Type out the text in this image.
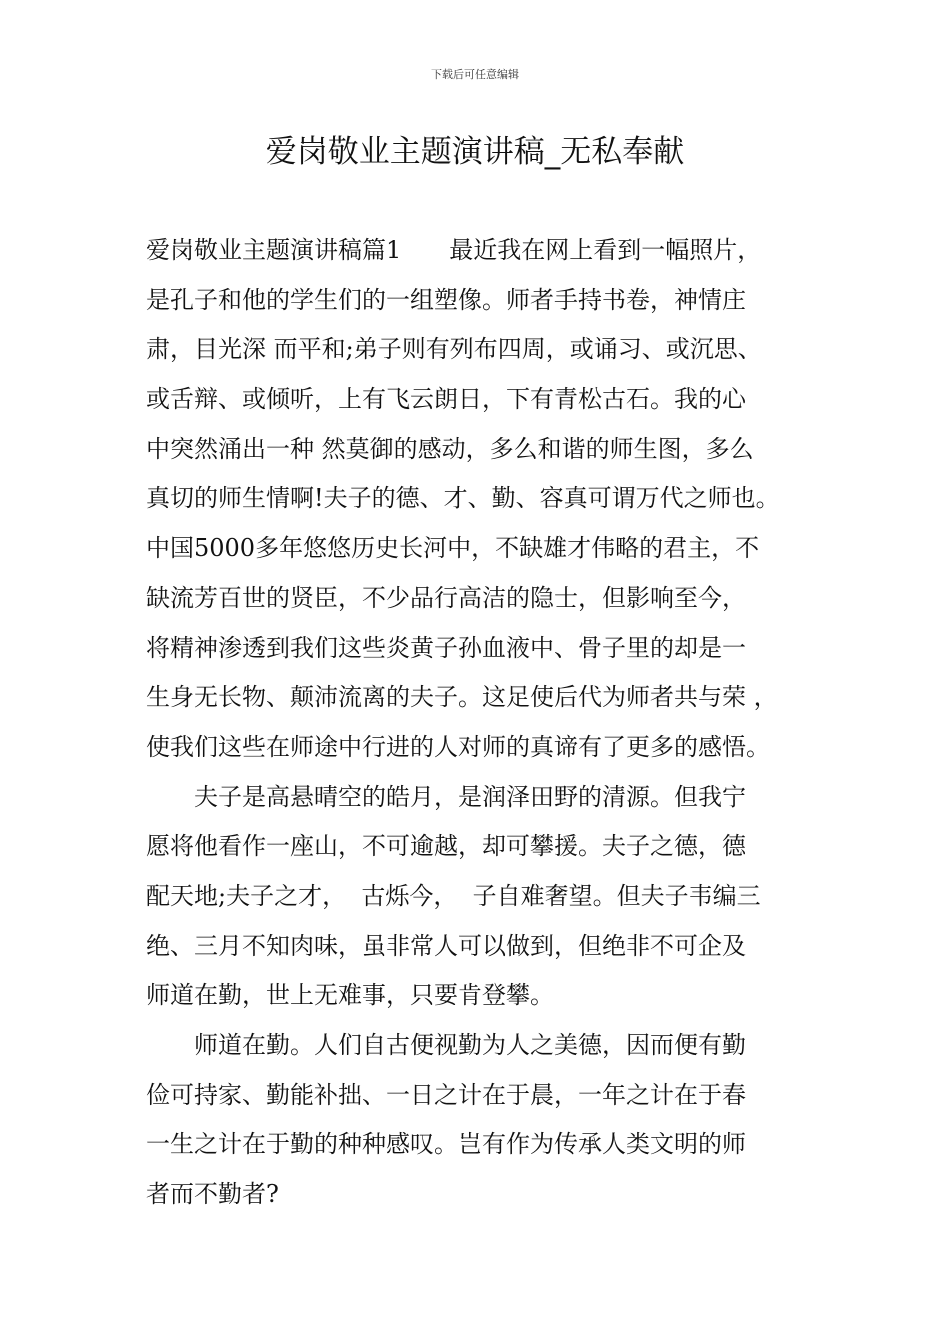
下载后可任意编辑
爱岗敬业主题演讲稿_无私奉献
爱岗敬业主题演讲稿篇1　　最近我在网上看到一幅照片，
是孔子和他的学生们的一组塑像。师者手持书卷，神情庄
肃，目光深 而平和;弟子则有列布四周，或诵习、或沉思、
或舌辩、或倾听，上有飞云朗日，下有青松古石。我的心
中突然涌出一种 然莫御的感动，多么和谐的师生图，多么
真切的师生情啊!夫子的德、才、勤、容真可谓万代之师也。
中国5000多年悠悠历史长河中，不缺雄才伟略的君主，不
缺流芳百世的贤臣，不少品行高洁的隐士，但影响至今，
将精神渗透到我们这些炎黄子孙血液中、骨子里的却是一
生身无长物、颠沛流离的夫子。这足使后代为师者共与荣 ，
使我们这些在师途中行进的人对师的真谛有了更多的感悟。
　　夫子是高悬晴空的皓月，是润泽田野的清源。但我宁
愿将他看作一座山，不可逾越，却可攀援。夫子之德，德
配天地;夫子之才，  古烁今，  子自难奢望。但夫子韦编三
绝、三月不知肉味，虽非常人可以做到，但绝非不可企及
师道在勤，世上无难事，只要肯登攀。
　　师道在勤。人们自古便视勤为人之美德，因而便有勤
俭可持家、勤能补拙、一日之计在于晨，一年之计在于春
一生之计在于勤的种种感叹。岂有作为传承人类文明的师
者而不勤者?
